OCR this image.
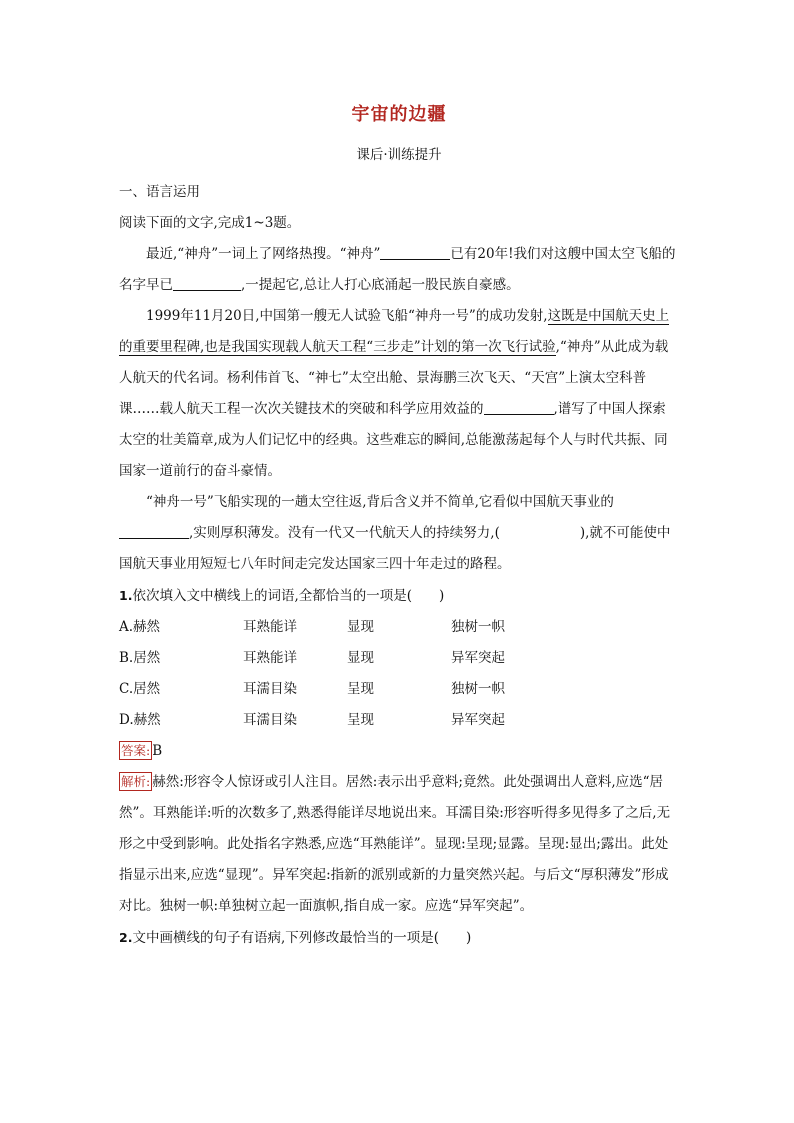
宇宙的边疆
课后·训练提升

一、语言运用

阅读下面的文字,完成1~3题。

最近,“神舟”一词上了网络热搜。“神舟”	已有20年!我们对这艘中国太空飞船的名字早已	,一提起它,总让人打心底涌起一股民族自豪感。

1999年11月20日,中国第一艘无人试验飞船“神舟一号”的成功发射,这既是中国航天史上的重要里程碑,也是我国实现载人航天工程“三步走”计划的第一次飞行试验,“神舟”从此成为载人航天的代名词。杨利伟首飞、“神七”太空出舱、景海鹏三次飞天、“天宫”上演太空科普课……载人航天工程一次次关键技术的突破和科学应用效益的	,谱写了中国人探索太空的壮美篇章,成为人们记忆中的经典。这些难忘的瞬间,总能激荡起每个人与时代共振、同国家一道前行的奋斗豪情。

“神舟一号”飞船实现的一趟太空往返,背后含义并不简单,它看似中国航天事业的,实则厚积薄发。没有一代又一代航天人的持续努力,(	),就不可能使中国航天事业用短短七八年时间走完发达国家三四十年走过的路程。

1.依次填入文中横线上的词语,全都恰当的一项是(　　)

A.赫然	耳熟能详	显现	独树一帜
B.居然	耳熟能详	显现	异军突起
C.居然	耳濡目染	呈现	独树一帜
D.赫然	耳濡目染	呈现	异军突起

答案: B

解析: 赫然:形容令人惊讶或引人注目。居然:表示出乎意料;竟然。此处强调出人意料,应选“居然”。耳熟能详:听的次数多了,熟悉得能详尽地说出来。耳濡目染:形容听得多见得多了之后,无形之中受到影响。此处指名字熟悉,应选“耳熟能详”。显现:呈现;显露。呈现:显出;露出。此处指显示出来,应选“显现”。异军突起:指新的派别或新的力量突然兴起。与后文“厚积薄发”形成对比。独树一帜:单独树立起一面旗帜,指自成一家。应选“异军突起”。

2.文中画横线的句子有语病,下列修改最恰当的一项是(　　)
